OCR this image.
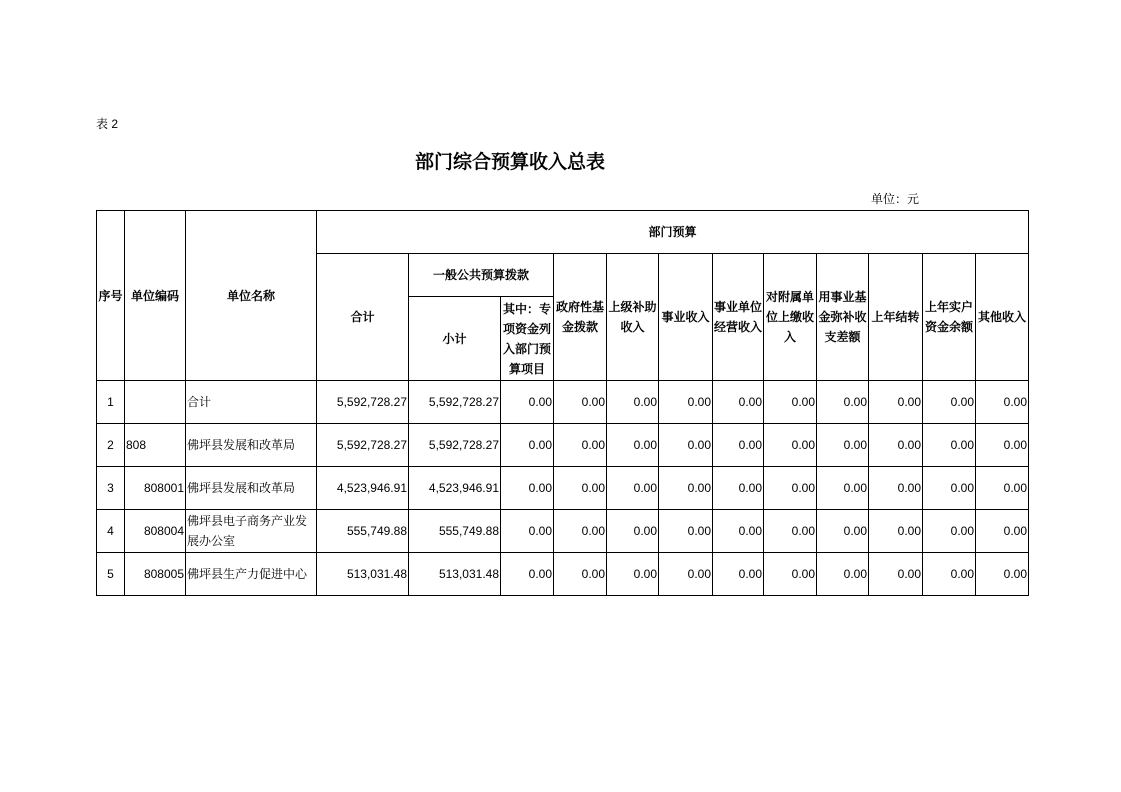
表 2
部门综合预算收入总表
单位：元
序号	单位编码	单位名称	部门预算											
			合计	一般公共预算拨款		政府性基金拨款	上级补助收入	事业收入	事业单位经营收入	对附属单位上缴收入	用事业基金弥补收支差额	上年结转	上年实户资金余额	其他收入
				小计	其中：专项资金列入部门预算项目									
1		合计	5,592,728.27	5,592,728.27	0.00	0.00	0.00	0.00	0.00	0.00	0.00	0.00	0.00	0.00
2	808	佛坪县发展和改革局	5,592,728.27	5,592,728.27	0.00	0.00	0.00	0.00	0.00	0.00	0.00	0.00	0.00	0.00
3	808001	佛坪县发展和改革局	4,523,946.91	4,523,946.91	0.00	0.00	0.00	0.00	0.00	0.00	0.00	0.00	0.00	0.00
4	808004	佛坪县电子商务产业发展办公室	555,749.88	555,749.88	0.00	0.00	0.00	0.00	0.00	0.00	0.00	0.00	0.00	0.00
5	808005	佛坪县生产力促进中心	513,031.48	513,031.48	0.00	0.00	0.00	0.00	0.00	0.00	0.00	0.00	0.00	0.00
